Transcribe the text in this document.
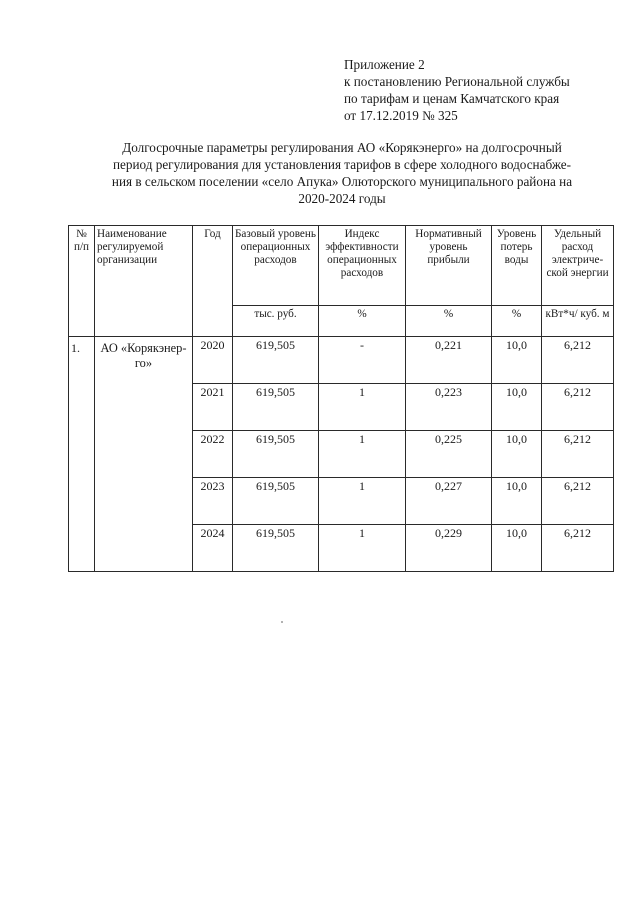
Приложение 2
к постановлению Региональной службы
по тарифам и ценам Камчатского края
от 17.12.2019 № 325
Долгосрочные параметры регулирования АО «Корякэнерго» на долгосрочный
период регулирования для установления тарифов в сфере холодного водоснабже-
ния в сельском поселении «село Апука» Олюторского муниципального района на
2020-2024 годы
№ п/п	Наименование регулируемой организации	Год	Базовый уровень операционных расходов	Индекс эффективности операционных расходов	Нормативный уровень прибыли	Уровень потерь воды	Удельный расход электриче-ской энергии
			тыс. руб.	%	%	%	кВт*ч/ куб. м
1.	АО «Корякэнер-го»	2020	619,505	-	0,221	10,0	6,212
		2021	619,505	1	0,223	10,0	6,212
		2022	619,505	1	0,225	10,0	6,212
		2023	619,505	1	0,227	10,0	6,212
		2024	619,505	1	0,229	10,0	6,212
